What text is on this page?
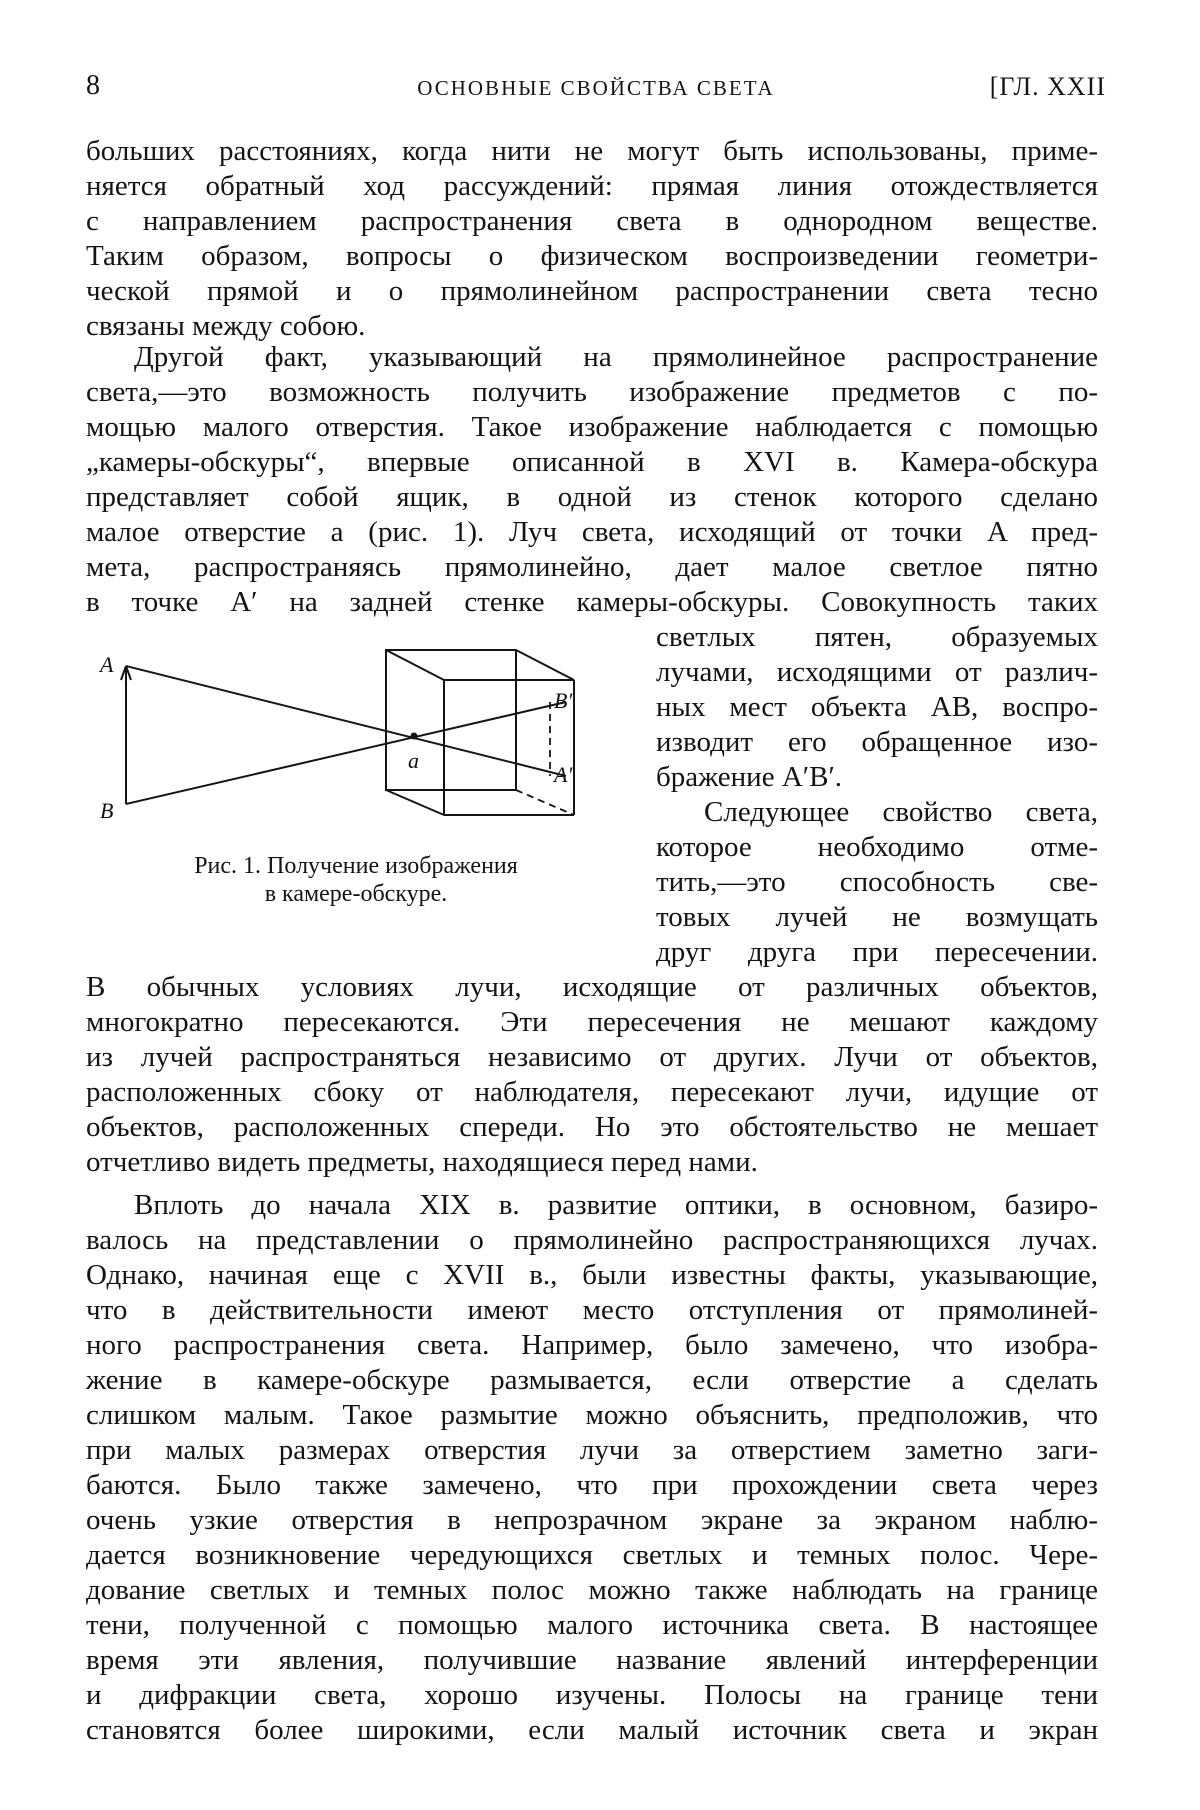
8	ОСНОВНЫЕ СВОЙСТВА СВЕТА	[ГЛ. XXII
больших расстояниях, когда нити не могут быть использованы, приме-
няется обратный ход рассуждений: прямая линия отождествляется
с направлением распространения света в однородном веществе.
Таким образом, вопросы о физическом воспроизведении геометри-
ческой прямой и о прямолинейном распространении света тесно
связаны между собою.
Другой факт, указывающий на прямолинейное распространение
света,—это возможность получить изображение предметов с по-
мощью малого отверстия. Такое изображение наблюдается с помощью
„камеры-обскуры“, впервые описанной в XVI в. Камера-обскура
представляет собой ящик, в одной из стенок которого сделано
малое отверстие a (рис. 1). Луч света, исходящий от точки A пред-
мета, распространяясь прямолинейно, дает малое светлое пятно
в точке A′ на задней стенке камеры-обскуры. Совокупность таких
светлых пятен, образуемых
лучами, исходящими от различ-
ных мест объекта AB, воспро-
изводит его обращенное изо-
бражение A′B′.
Следующее свойство света,
которое необходимо отме-
тить,—это способность све-
товых лучей не возмущать
друг друга при пересечении.
A
B
a
B′
A′
Рис. 1. Получение изображения
в камере-обскуре.
В обычных условиях лучи, исходящие от различных объектов,
многократно пересекаются. Эти пересечения не мешают каждому
из лучей распространяться независимо от других. Лучи от объектов,
расположенных сбоку от наблюдателя, пересекают лучи, идущие от
объектов, расположенных спереди. Но это обстоятельство не мешает
отчетливо видеть предметы, находящиеся перед нами.
Вплоть до начала XIX в. развитие оптики, в основном, базиро-
валось на представлении о прямолинейно распространяющихся лучах.
Однако, начиная еще с XVII в., были известны факты, указывающие,
что в действительности имеют место отступления от прямолиней-
ного распространения света. Например, было замечено, что изобра-
жение в камере-обскуре размывается, если отверстие a сделать
слишком малым. Такое размытие можно объяснить, предположив, что
при малых размерах отверстия лучи за отверстием заметно заги-
баются. Было также замечено, что при прохождении света через
очень узкие отверстия в непрозрачном экране за экраном наблю-
дается возникновение чередующихся светлых и темных полос. Чере-
дование светлых и темных полос можно также наблюдать на границе
тени, полученной с помощью малого источника света. В настоящее
время эти явления, получившие название явлений интерференции
и дифракции света, хорошо изучены. Полосы на границе тени
становятся более широкими, если малый источник света и экран
